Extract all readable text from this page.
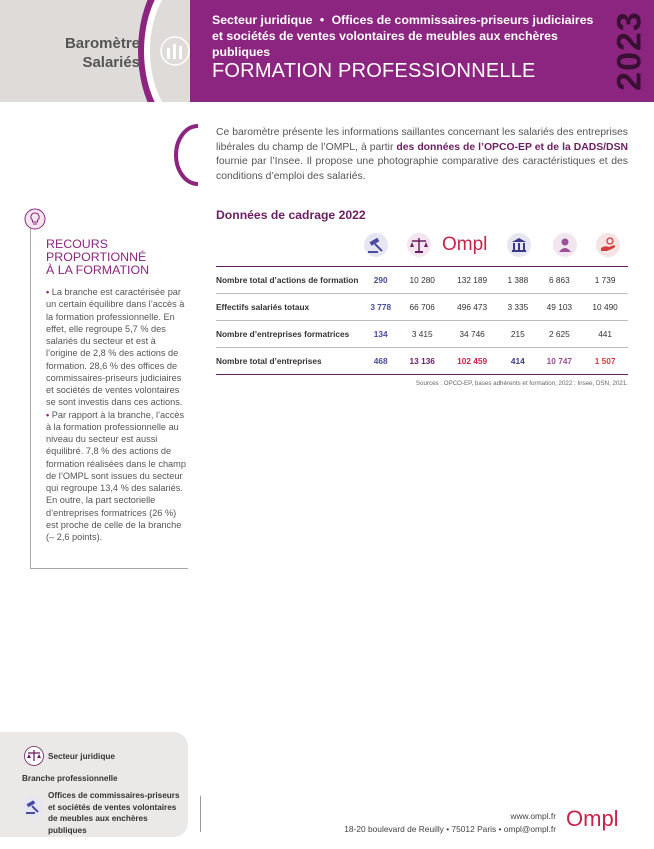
Baromètre
Salariés
Secteur juridique • Offices de commissaires-priseurs judiciaires et sociétés de ventes volontaires de meubles aux enchères publiques
FORMATION PROFESSIONNELLE 2023
Ce baromètre présente les informations saillantes concernant les salariés des entreprises libérales du champ de l’OMPL, à partir des données de l’OPCO-EP et de la DADS/DSN fournie par l’Insee. Il propose une photographie comparative des caractéristiques et des conditions d’emploi des salariés.
RECOURS
PROPORTIONNÉ
À LA FORMATION

• La branche est caractérisée par un certain équilibre dans l’accès à la formation professionnelle. En effet, elle regroupe 5,7 % des salariés du secteur et est à l’origine de 2,8 % des actions de formation. 28,6 % des offices de commissaires-priseurs judiciaires et sociétés de ventes volontaires se sont investis dans ces actions.

• Par rapport à la branche, l’accès à la formation professionnelle au niveau du secteur est aussi équilibré. 7,8 % des actions de formation réalisées dans le champ de l’OMPL sont issues du secteur qui regroupe 13,4 % des salariés.

En outre, la part sectorielle d’entreprises formatrices (26 %) est proche de celle de la branche (– 2,6 points).

Données de cadrage 2022
Ompl
Nombre total d’actions de formation	290	10 280	132 189	1 388	6 863	1 739
Effectifs salariés totaux	3 778	66 706	496 473	3 335	49 103	10 490
Nombre d’entreprises formatrices	134	3 415	34 746	215	2 625	441
Nombre total d’entreprises	468	13 136	102 459	414	10 747	1 507
Sources : OPCO-EP, bases adhérents et formation, 2022 ; Insee, DSN, 2021.
Secteur juridique
Branche professionnelle
Offices de commissaires-priseurs et sociétés de ventes volontaires de meubles aux enchères publiques
www.ompl.fr
18-20 boulevard de Reuilly • 75012 Paris • ompl@ompl.fr Ompl
